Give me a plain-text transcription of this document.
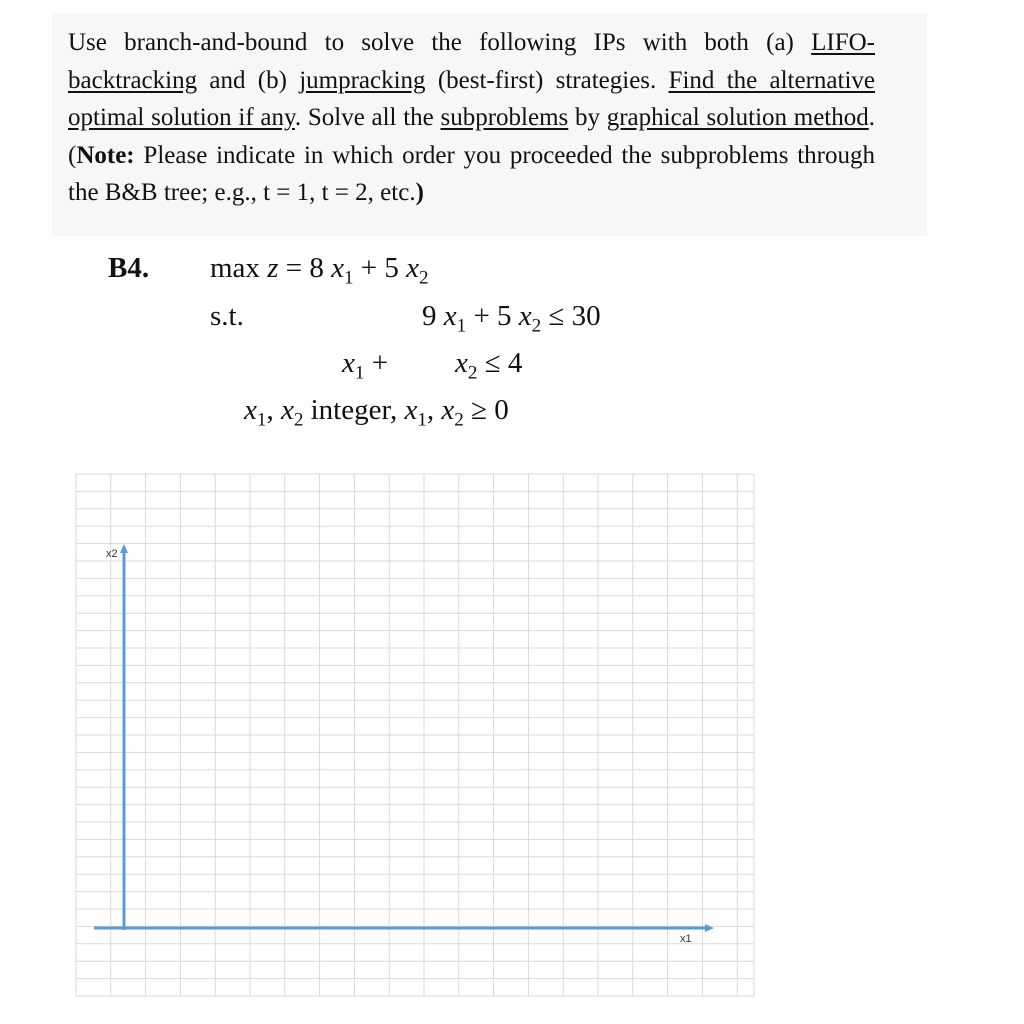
Use branch-and-bound to solve the following IPs with both (a) LIFO-backtracking and (b) jumpracking (best-first) strategies. Find the alternative optimal solution if any. Solve all the subproblems by graphical solution method. (Note: Please indicate in which order you proceeded the subproblems through the B&B tree; e.g., t = 1, t = 2, etc.)
B4. max z = 8 $x_1 + 5$ $x_2$
s.t.	9 $x_1 + 5$ $x_2 \le 30$
$x_1 + x_2 \le 4$
$x_1$, $x_2$ integer, $x_1$, $x_2 \ge 0$
x2
x1
